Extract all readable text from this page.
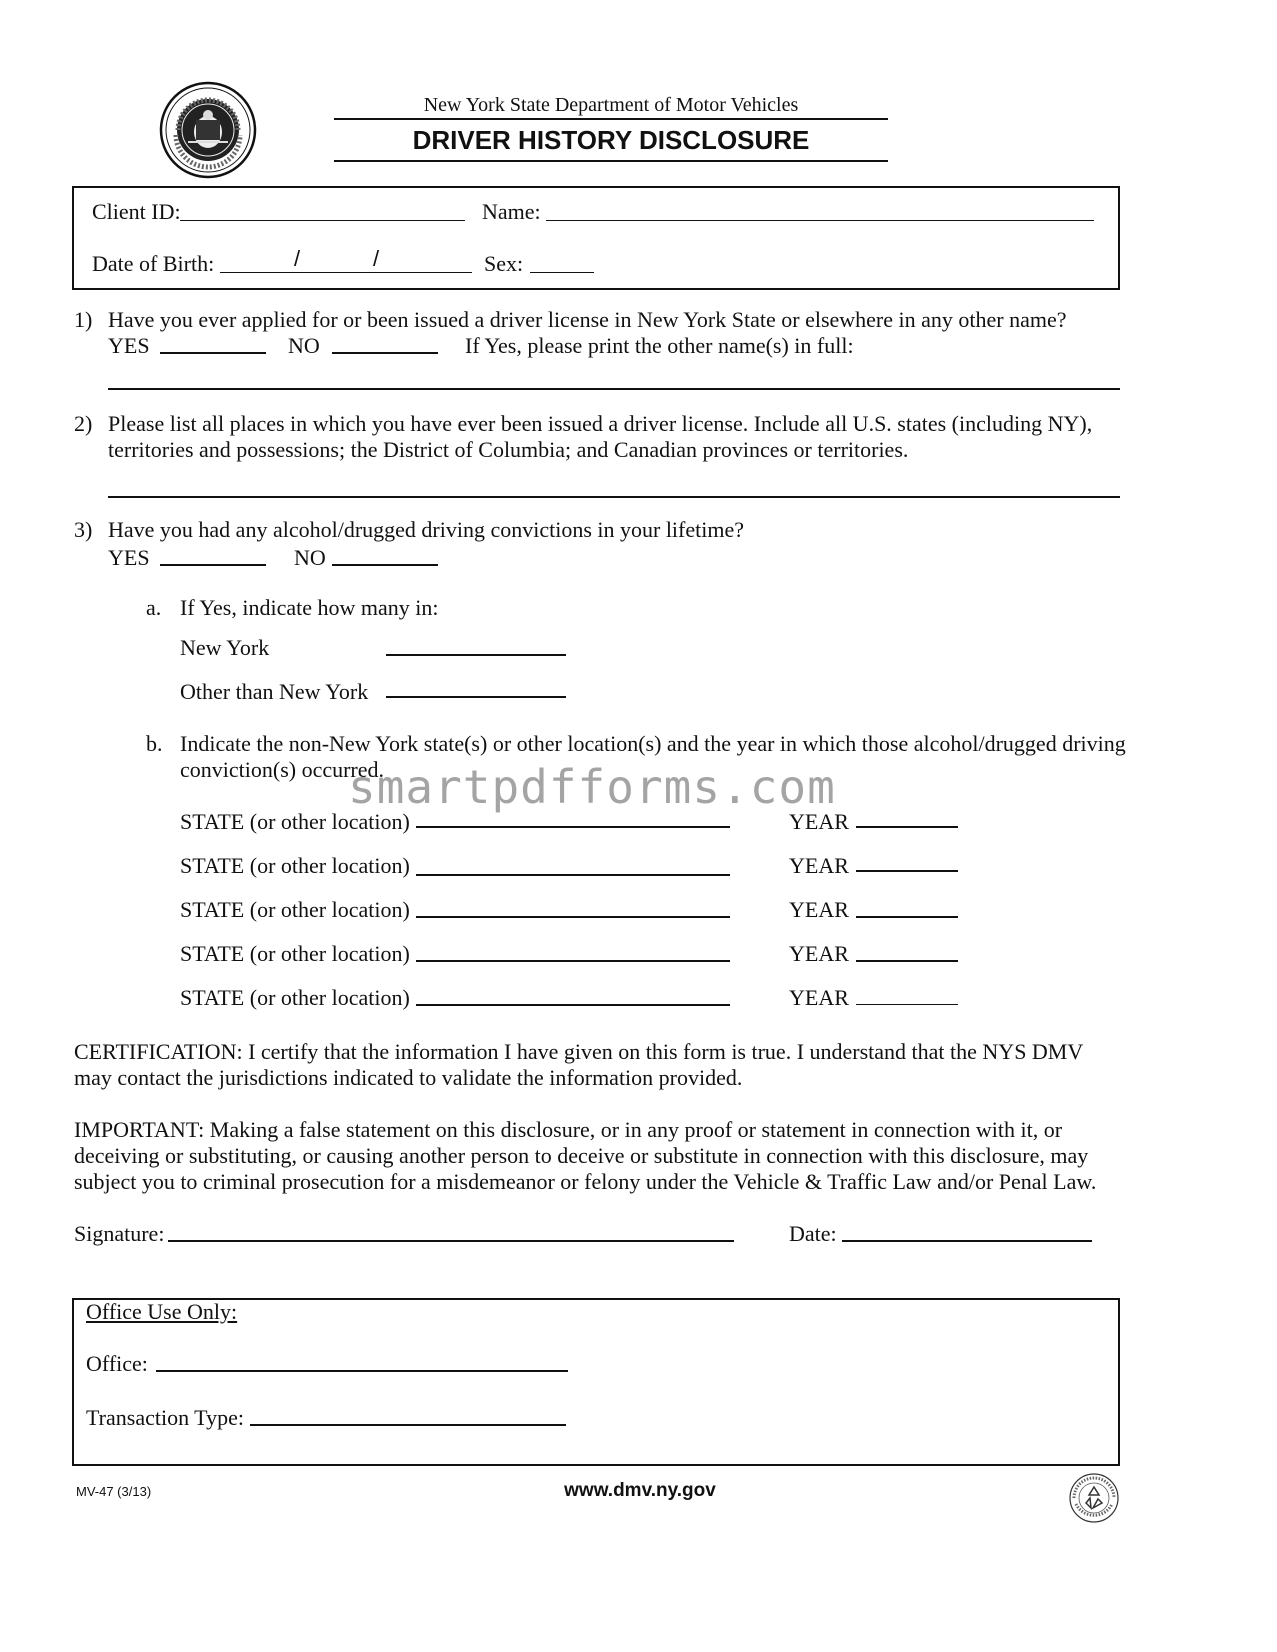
New York State Department of Motor Vehicles
DRIVER HISTORY DISCLOSURE
Client ID:	Name:
Date of Birth:	/	/	Sex:
1) Have you ever applied for or been issued a driver license in New York State or elsewhere in any other name?
YES	NO	If Yes, please print the other name(s) in full:
2) Please list all places in which you have ever been issued a driver license. Include all U.S. states (including NY),
territories and possessions; the District of Columbia; and Canadian provinces or territories.
3) Have you had any alcohol/drugged driving convictions in your lifetime?
YES	NO
a. If Yes, indicate how many in:
New York
Other than New York
b. Indicate the non-New York state(s) or other location(s) and the year in which those alcohol/drugged driving
conviction(s) occurred.
smartpdfforms.com
STATE (or other location)	YEAR
STATE (or other location)	YEAR
STATE (or other location)	YEAR
STATE (or other location)	YEAR
STATE (or other location)	YEAR
CERTIFICATION: I certify that the information I have given on this form is true. I understand that the NYS DMV
may contact the jurisdictions indicated to validate the information provided.
IMPORTANT: Making a false statement on this disclosure, or in any proof or statement in connection with it, or
deceiving or substituting, or causing another person to deceive or substitute in connection with this disclosure, may
subject you to criminal prosecution for a misdemeanor or felony under the Vehicle & Traffic Law and/or Penal Law.
Signature:	Date:
Office Use Only:
Office:
Transaction Type:
MV-47 (3/13)	www.dmv.ny.gov
